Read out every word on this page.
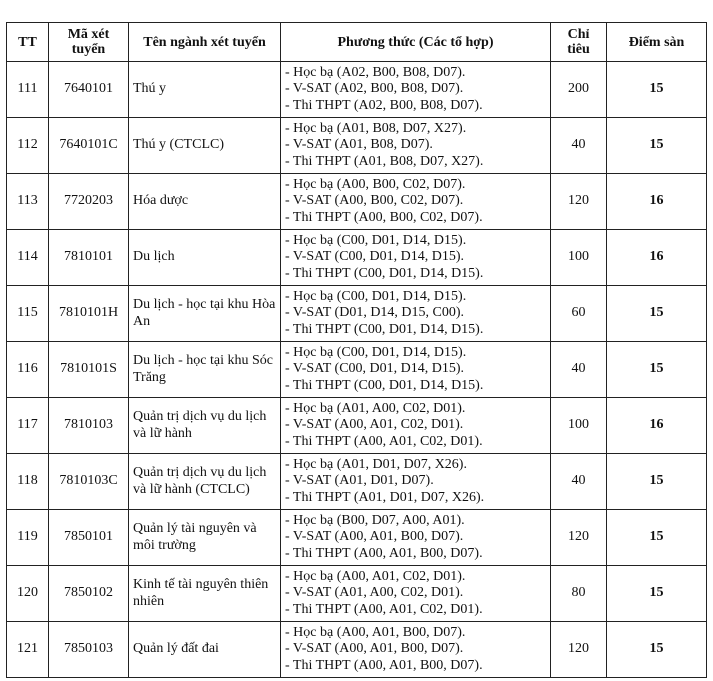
TT	Mã xét tuyển	Tên ngành xét tuyển	Phương thức (Các tổ hợp)	Chỉ tiêu	Điểm sàn
111	7640101	Thú y	- Học bạ (A02, B00, B08, D07).
- V-SAT (A02, B00, B08, D07).
- Thi THPT (A02, B00, B08, D07).	200	15
112	7640101C	Thú y (CTCLC)	- Học bạ (A01, B08, D07, X27).
- V-SAT (A01, B08, D07).
- Thi THPT (A01, B08, D07, X27).	40	15
113	7720203	Hóa dược	- Học bạ (A00, B00, C02, D07).
- V-SAT (A00, B00, C02, D07).
- Thi THPT (A00, B00, C02, D07).	120	16
114	7810101	Du lịch	- Học bạ (C00, D01, D14, D15).
- V-SAT (C00, D01, D14, D15).
- Thi THPT (C00, D01, D14, D15).	100	16
115	7810101H	Du lịch - học tại khu Hòa An	- Học bạ (C00, D01, D14, D15).
- V-SAT (D01, D14, D15, C00).
- Thi THPT (C00, D01, D14, D15).	60	15
116	7810101S	Du lịch - học tại khu Sóc Trăng	- Học bạ (C00, D01, D14, D15).
- V-SAT (C00, D01, D14, D15).
- Thi THPT (C00, D01, D14, D15).	40	15
117	7810103	Quản trị dịch vụ du lịch và lữ hành	- Học bạ (A01, A00, C02, D01).
- V-SAT (A00, A01, C02, D01).
- Thi THPT (A00, A01, C02, D01).	100	16
118	7810103C	Quản trị dịch vụ du lịch và lữ hành (CTCLC)	- Học bạ (A01, D01, D07, X26).
- V-SAT (A01, D01, D07).
- Thi THPT (A01, D01, D07, X26).	40	15
119	7850101	Quản lý tài nguyên và môi trường	- Học bạ (B00, D07, A00, A01).
- V-SAT (A00, A01, B00, D07).
- Thi THPT (A00, A01, B00, D07).	120	15
120	7850102	Kinh tế tài nguyên thiên nhiên	- Học bạ (A00, A01, C02, D01).
- V-SAT (A01, A00, C02, D01).
- Thi THPT (A00, A01, C02, D01).	80	15
121	7850103	Quản lý đất đai	- Học bạ (A00, A01, B00, D07).
- V-SAT (A00, A01, B00, D07).
- Thi THPT (A00, A01, B00, D07).	120	15
